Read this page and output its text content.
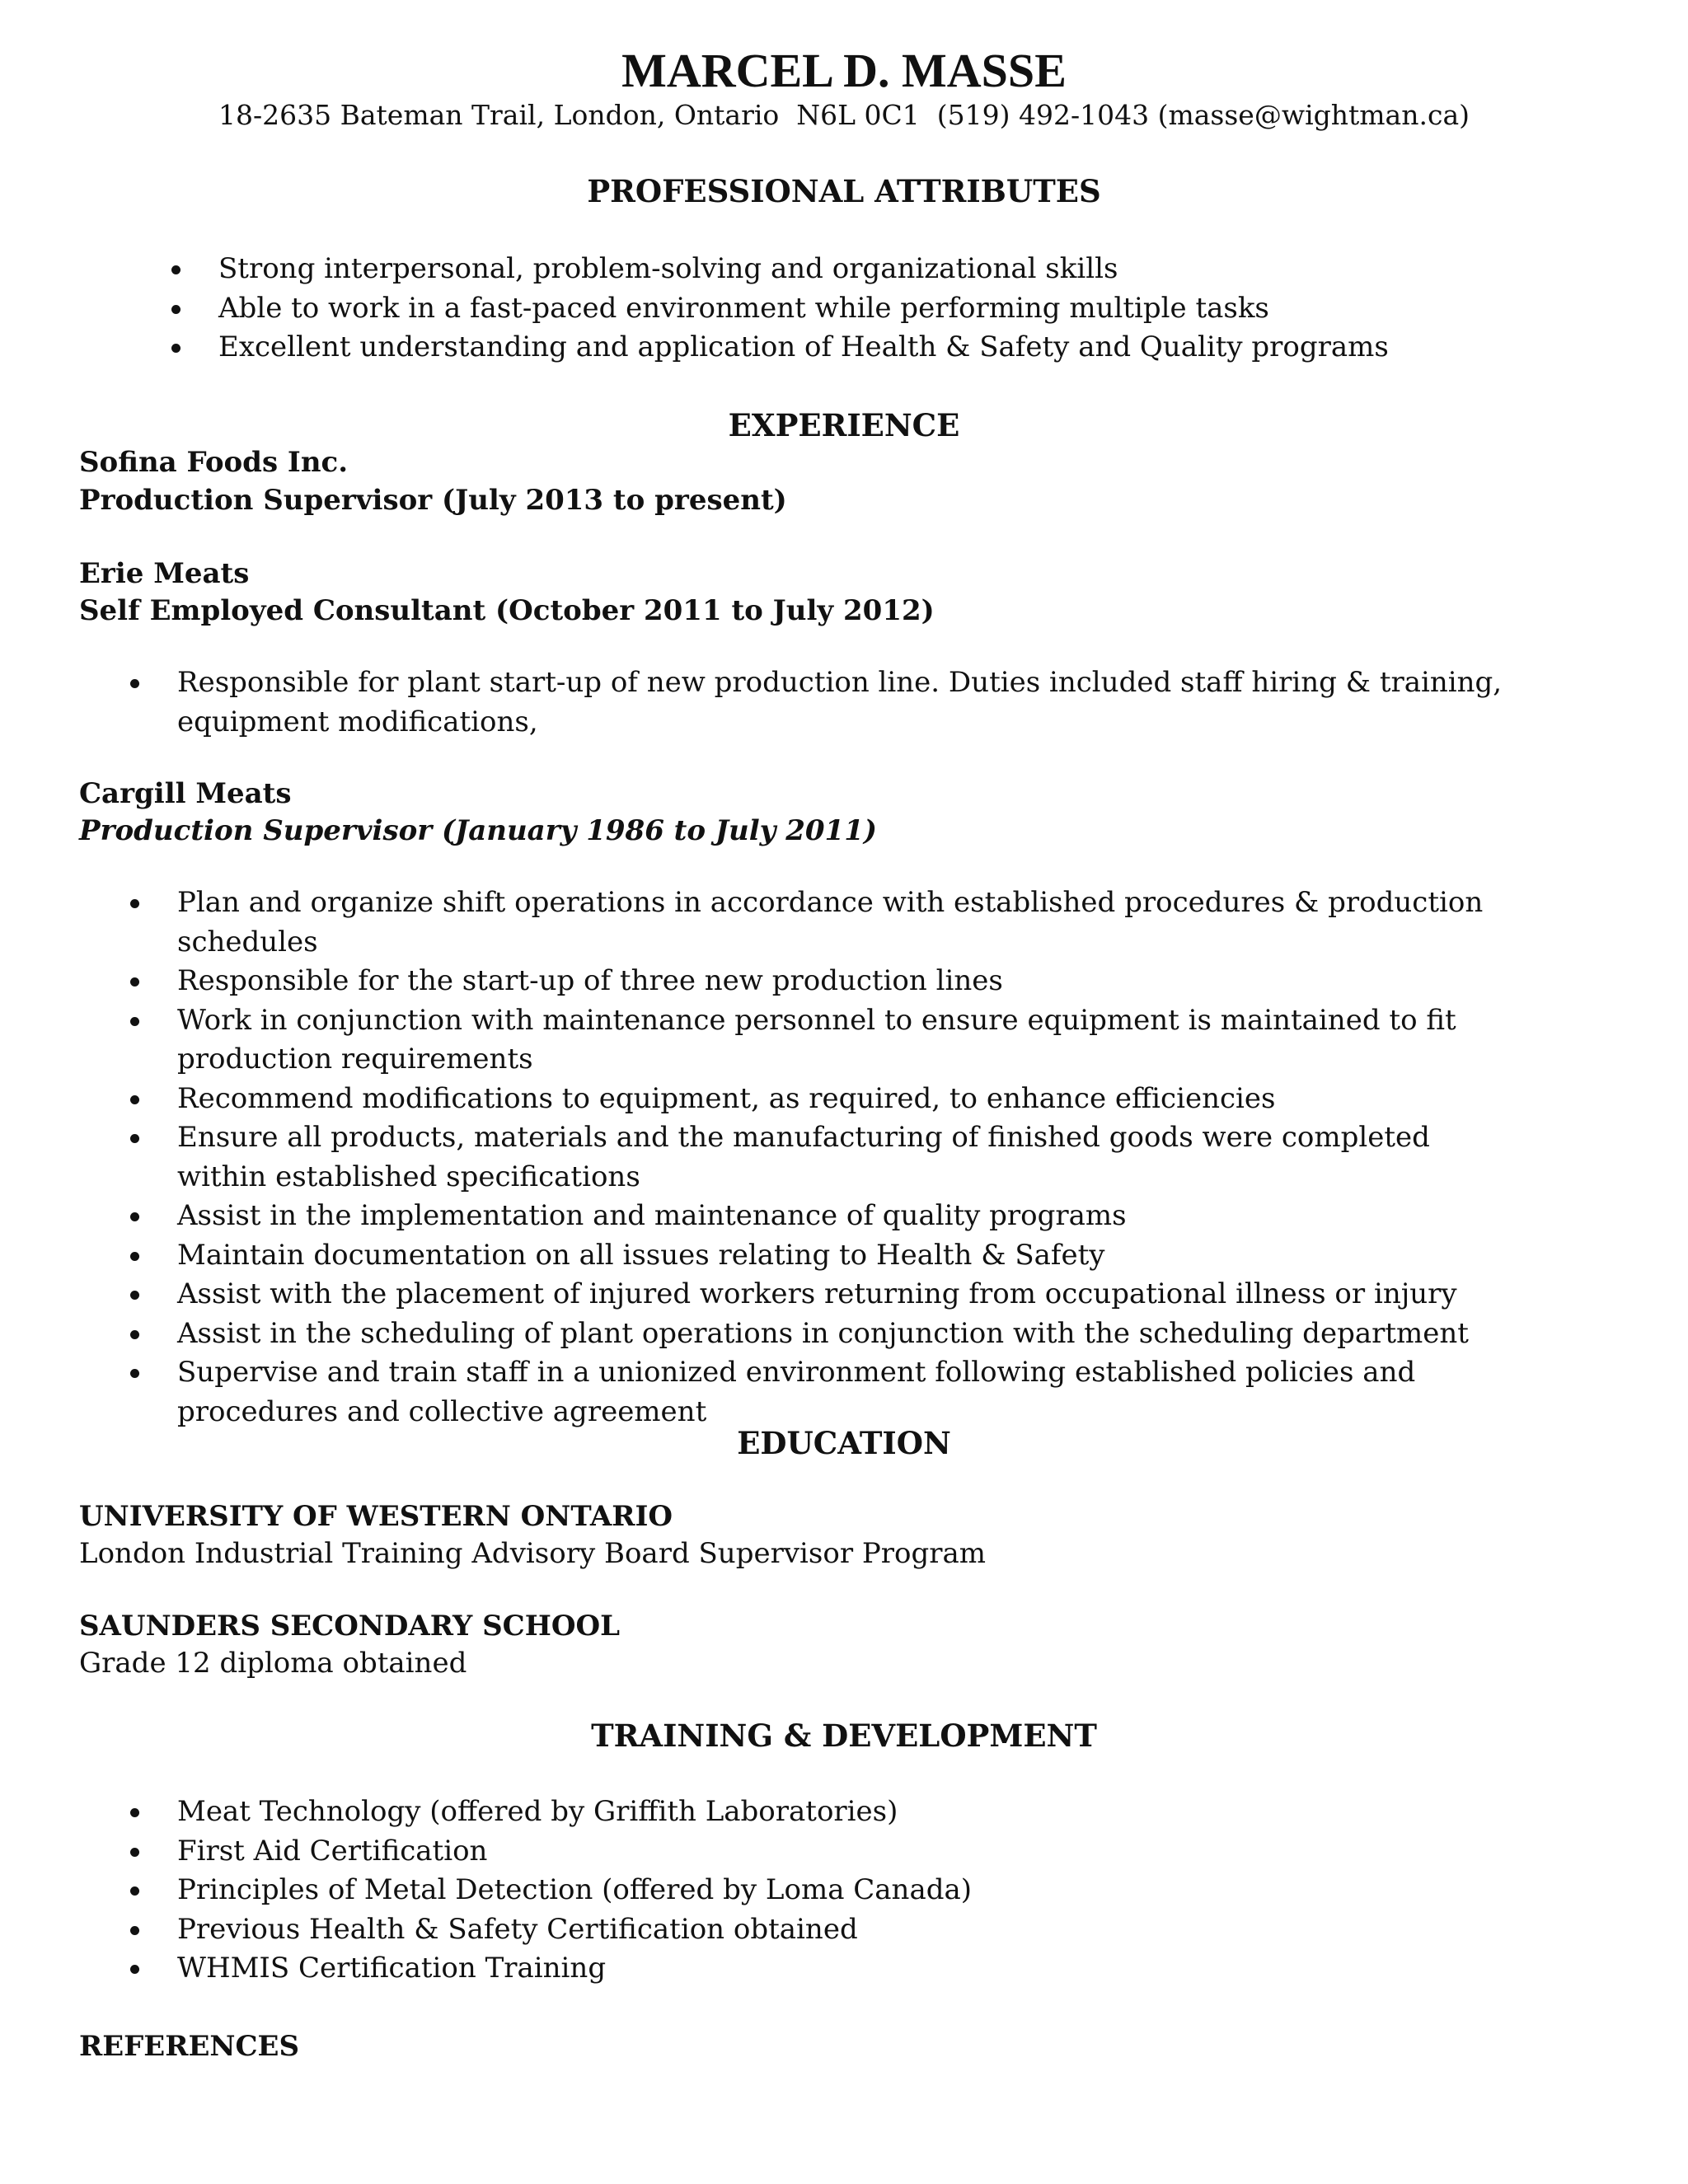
MARCEL D. MASSE
18-2635 Bateman Trail, London, Ontario  N6L 0C1  (519) 492-1043 (masse@wightman.ca)
PROFESSIONAL ATTRIBUTES
Strong interpersonal, problem-solving and organizational skills
Able to work in a fast-paced environment while performing multiple tasks
Excellent understanding and application of Health & Safety and Quality programs
EXPERIENCE
Sofina Foods Inc.
Production Supervisor (July 2013 to present)
Erie Meats
Self Employed Consultant (October 2011 to July 2012)
Responsible for plant start-up of new production line. Duties included staff hiring & training, equipment modifications,
Cargill Meats
Production Supervisor (January 1986 to July 2011)
Plan and organize shift operations in accordance with established procedures & production schedules
Responsible for the start-up of three new production lines
Work in conjunction with maintenance personnel to ensure equipment is maintained to fit production requirements
Recommend modifications to equipment, as required, to enhance efficiencies
Ensure all products, materials and the manufacturing of finished goods were completed within established specifications
Assist in the implementation and maintenance of quality programs
Maintain documentation on all issues relating to Health & Safety
Assist with the placement of injured workers returning from occupational illness or injury
Assist in the scheduling of plant operations in conjunction with the scheduling department
Supervise and train staff in a unionized environment following established policies and procedures and collective agreement
EDUCATION
UNIVERSITY OF WESTERN ONTARIO
London Industrial Training Advisory Board Supervisor Program
SAUNDERS SECONDARY SCHOOL
Grade 12 diploma obtained
TRAINING & DEVELOPMENT
Meat Technology (offered by Griffith Laboratories)
First Aid Certification
Principles of Metal Detection (offered by Loma Canada)
Previous Health & Safety Certification obtained
WHMIS Certification Training
REFERENCES
